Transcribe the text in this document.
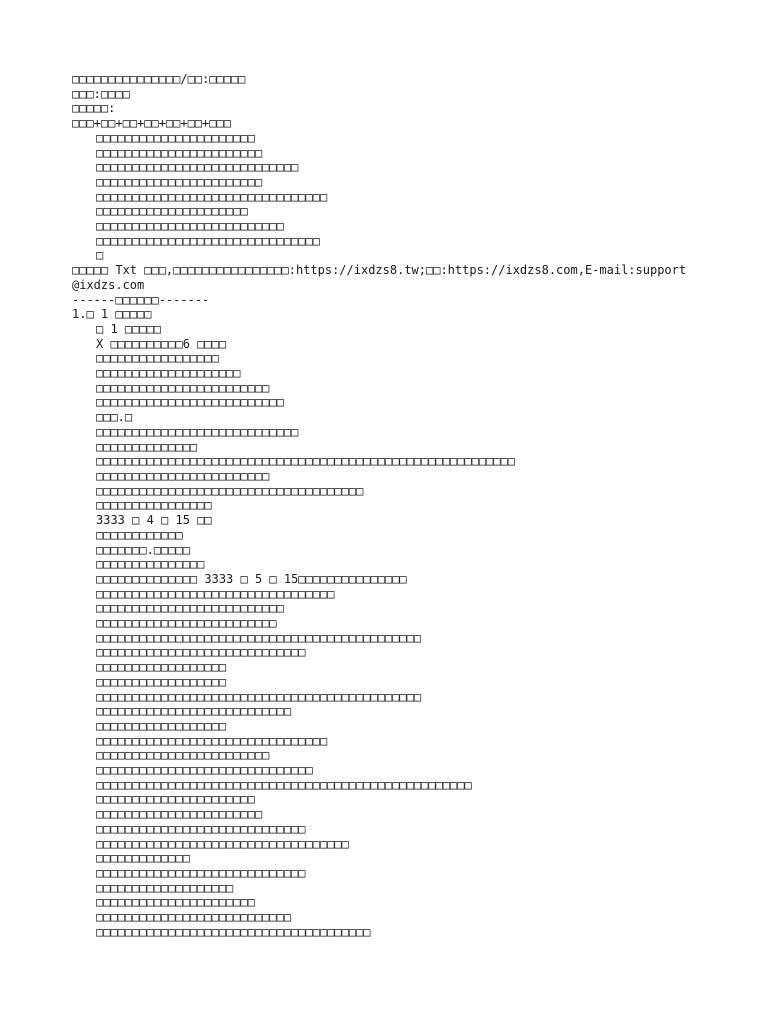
□□□□□□□□□□□□□□□/□□:□□□□□
□□□:□□□□
□□□□□:
□□□+□□+□□+□□+□□+□□+□□□
□□□□□□□□□□□□□□□□□□□□□□
□□□□□□□□□□□□□□□□□□□□□□□
□□□□□□□□□□□□□□□□□□□□□□□□□□□□
□□□□□□□□□□□□□□□□□□□□□□□
□□□□□□□□□□□□□□□□□□□□□□□□□□□□□□□□
□□□□□□□□□□□□□□□□□□□□□
□□□□□□□□□□□□□□□□□□□□□□□□□□
□□□□□□□□□□□□□□□□□□□□□□□□□□□□□□□
□
□□□□□ Txt □□□,□□□□□□□□□□□□□□□□:https://ixdzs8.tw;□□:https://ixdzs8.com,E-mail:support@ixdzs.com
------□□□□□□-------
1.□ 1 □□□□□
□ 1 □□□□□
X □□□□□□□□□□6 □□□□
□□□□□□□□□□□□□□□□□
□□□□□□□□□□□□□□□□□□□□
□□□□□□□□□□□□□□□□□□□□□□□□
□□□□□□□□□□□□□□□□□□□□□□□□□□
□□□.□
□□□□□□□□□□□□□□□□□□□□□□□□□□□□
□□□□□□□□□□□□□□
□□□□□□□□□□□□□□□□□□□□□□□□□□□□□□□□□□□□□□□□□□□□□□□□□□□□□□□□□□
□□□□□□□□□□□□□□□□□□□□□□□□
□□□□□□□□□□□□□□□□□□□□□□□□□□□□□□□□□□□□□
□□□□□□□□□□□□□□□□
3333 □ 4 □ 15 □□
□□□□□□□□□□□□
□□□□□□□.□□□□□
□□□□□□□□□□□□□□□
□□□□□□□□□□□□□□ 3333 □ 5 □ 15□□□□□□□□□□□□□□□
□□□□□□□□□□□□□□□□□□□□□□□□□□□□□□□□□
□□□□□□□□□□□□□□□□□□□□□□□□□□
□□□□□□□□□□□□□□□□□□□□□□□□□
□□□□□□□□□□□□□□□□□□□□□□□□□□□□□□□□□□□□□□□□□□□□□
□□□□□□□□□□□□□□□□□□□□□□□□□□□□□
□□□□□□□□□□□□□□□□□□
□□□□□□□□□□□□□□□□□□
□□□□□□□□□□□□□□□□□□□□□□□□□□□□□□□□□□□□□□□□□□□□□
□□□□□□□□□□□□□□□□□□□□□□□□□□□
□□□□□□□□□□□□□□□□□□
□□□□□□□□□□□□□□□□□□□□□□□□□□□□□□□□
□□□□□□□□□□□□□□□□□□□□□□□□
□□□□□□□□□□□□□□□□□□□□□□□□□□□□□□
□□□□□□□□□□□□□□□□□□□□□□□□□□□□□□□□□□□□□□□□□□□□□□□□□□□□
□□□□□□□□□□□□□□□□□□□□□□
□□□□□□□□□□□□□□□□□□□□□□□
□□□□□□□□□□□□□□□□□□□□□□□□□□□□□
□□□□□□□□□□□□□□□□□□□□□□□□□□□□□□□□□□□
□□□□□□□□□□□□□
□□□□□□□□□□□□□□□□□□□□□□□□□□□□□
□□□□□□□□□□□□□□□□□□□
□□□□□□□□□□□□□□□□□□□□□□
□□□□□□□□□□□□□□□□□□□□□□□□□□□
□□□□□□□□□□□□□□□□□□□□□□□□□□□□□□□□□□□□□□
